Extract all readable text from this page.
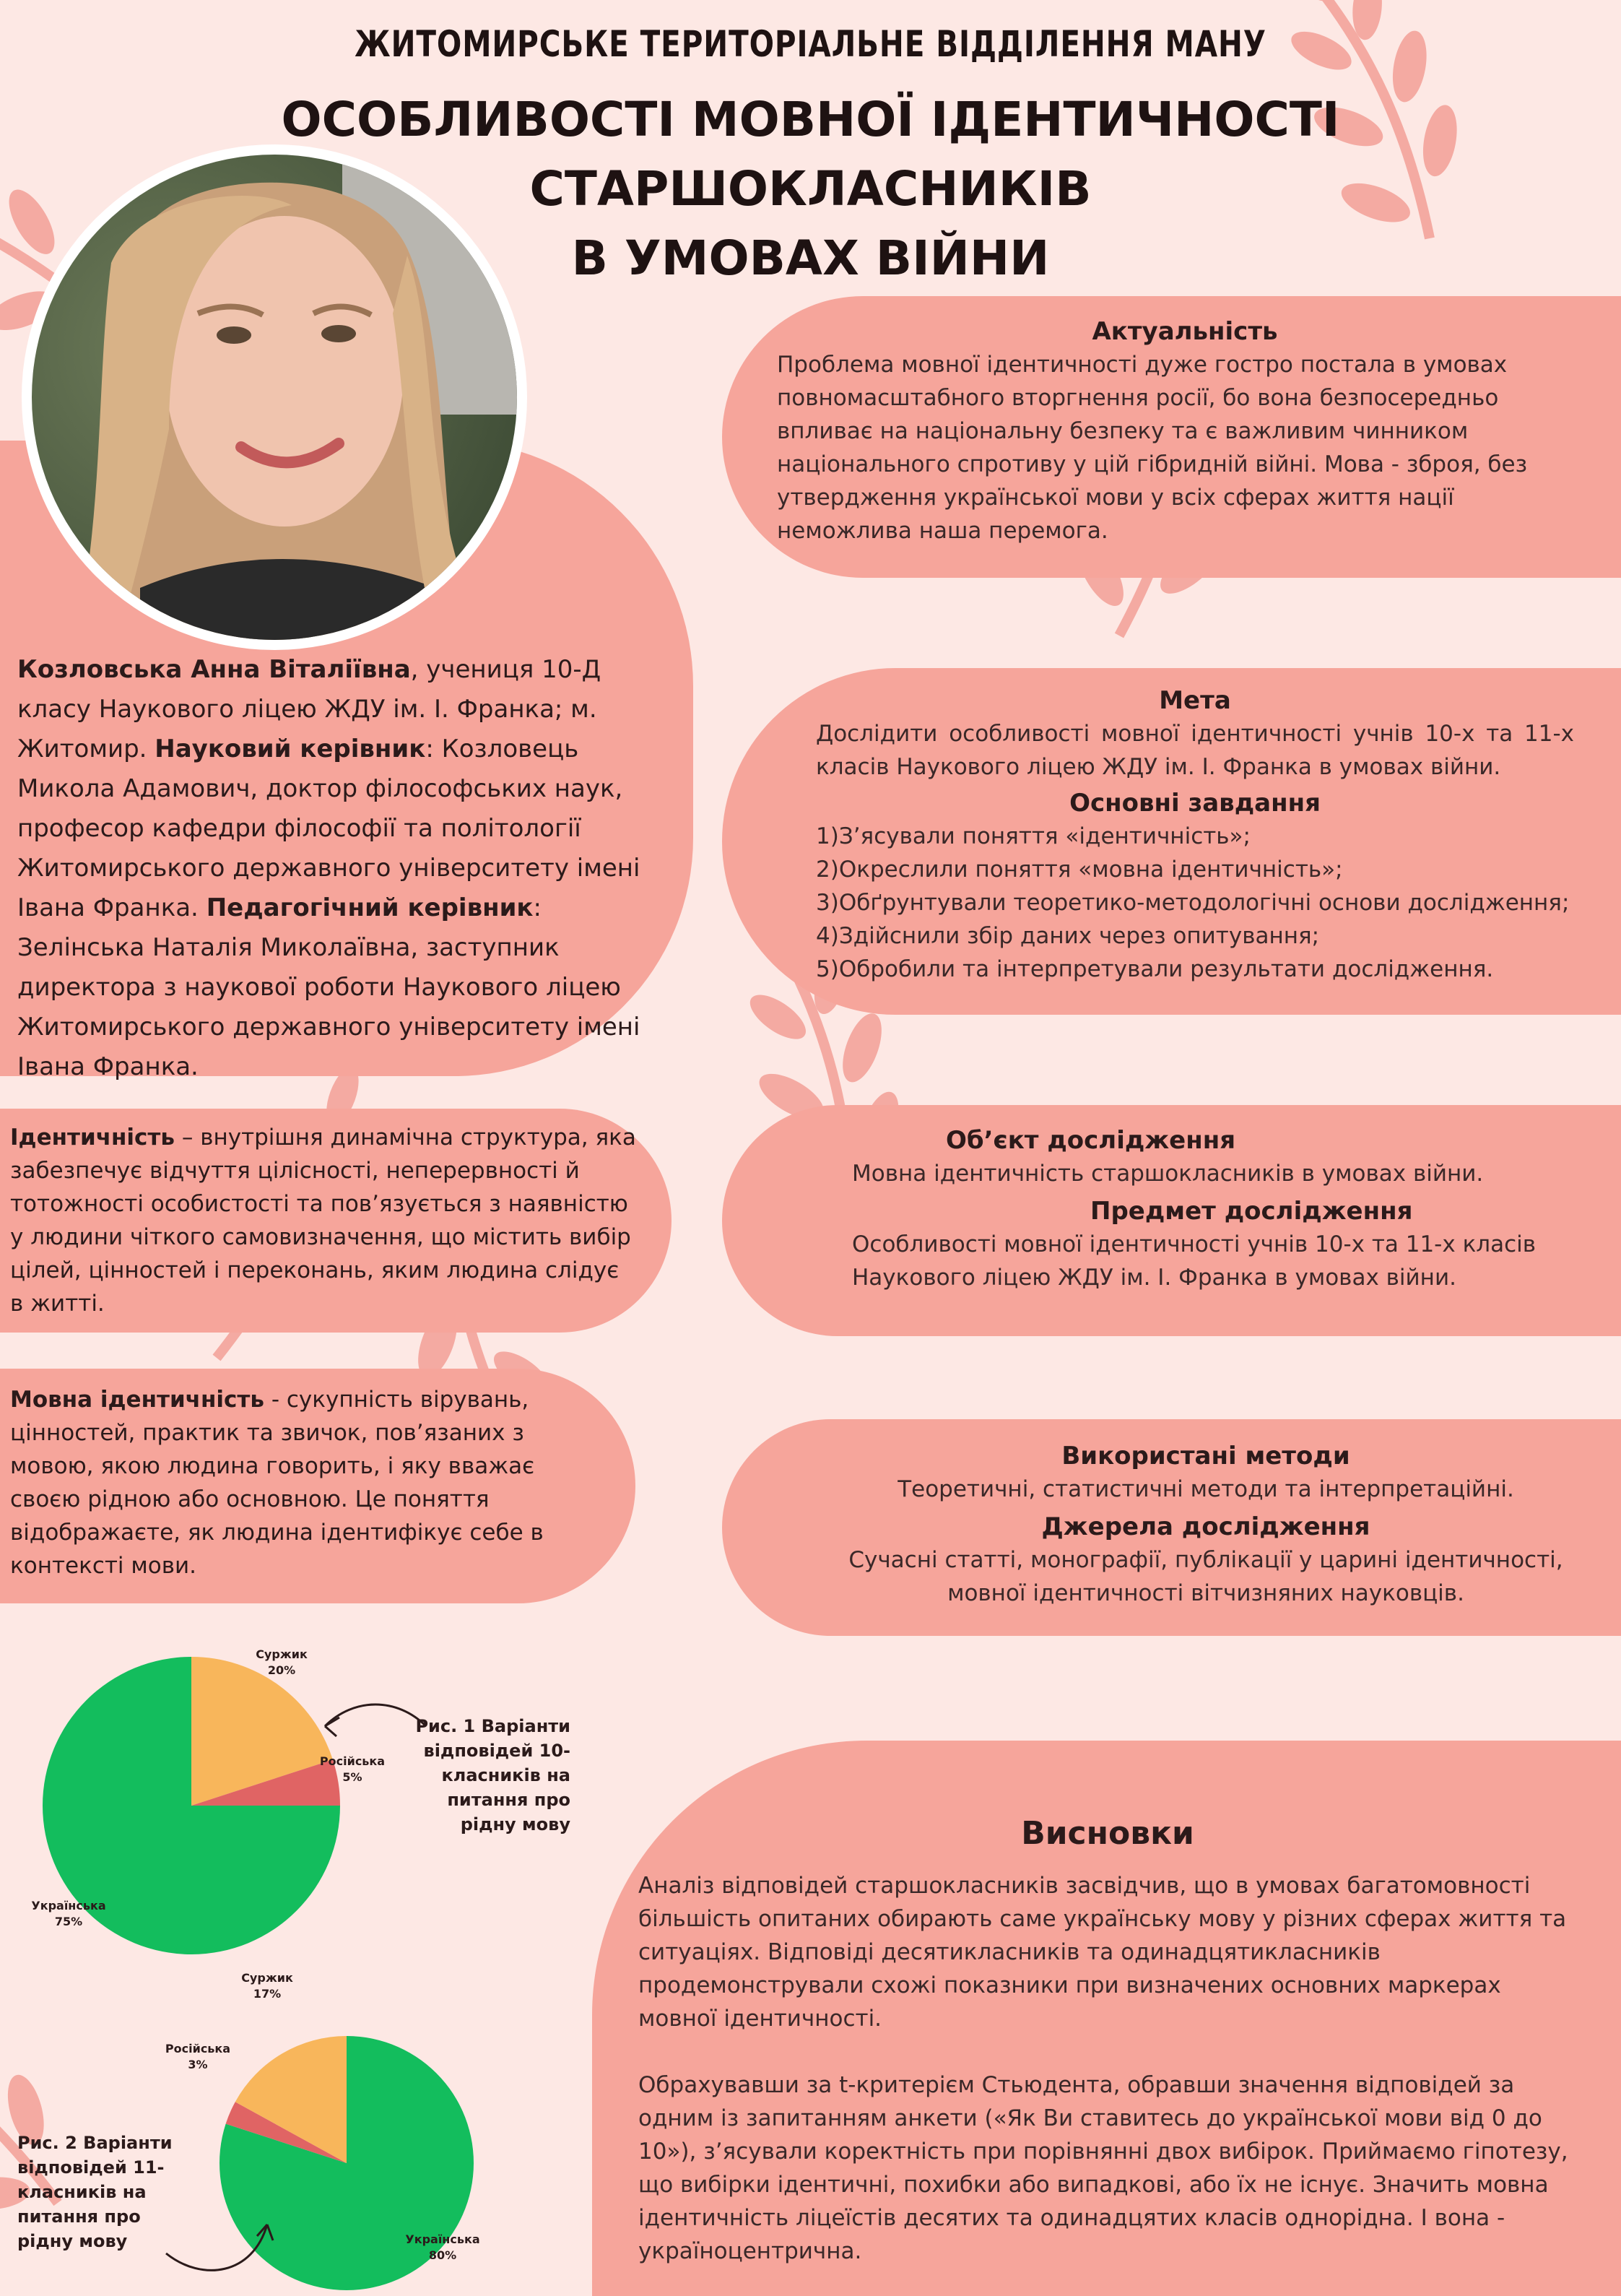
ЖИТОМИРСЬКЕ ТЕРИТОРІАЛЬНЕ ВІДДІЛЕННЯ МАНУ
ОСОБЛИВОСТІ МОВНОЇ ІДЕНТИЧНОСТІ СТАРШОКЛАСНИКІВ
В УМОВАХ ВІЙНИ
Козловська Анна Віталіївна, учениця 10-Д класу Наукового ліцею ЖДУ ім. І. Франка; м. Житомир. Науковий керівник: Козловець Микола Адамович, доктор філософських наук, професор кафедри філософії та політології Житомирського державного університету імені Івана Франка. Педагогічний керівник: Зелінська Наталія Миколаївна, заступник директора з наукової роботи Наукового ліцею Житомирського державного університету імені Івана Франка.

Актуальність

Проблема мовної ідентичності дуже гостро постала в умовах повномасштабного вторгнення росії, бо вона безпосередньо впливає на національну безпеку та є важливим чинником національного спротиву у цій гібридній війні. Мова - зброя, без утвердження української мови у всіх сферах життя нації неможлива наша перемога.

Мета

Дослідити особливості мовної ідентичності учнів 10-х та 11-х класів Наукового ліцею ЖДУ ім. І. Франка в умовах війни.

Основні завдання

1)З’ясували поняття «ідентичність»;

2)Окреслили поняття «мовна ідентичність»;

3)Обґрунтували теоретико-методологічні основи дослідження;

4)Здійснили збір даних через опитування;

5)Обробили та інтерпретували результати дослідження.

Ідентичність – внутрішня динамічна структура, яка забезпечує відчуття цілісності, неперервності й тотожності особистості та пов’язується з наявністю у людини чіткого самовизначення, що містить вибір цілей, цінностей і переконань, яким людина слідує в житті.

Об’єкт дослідження

Мовна ідентичність старшокласників в умовах війни.

Предмет дослідження

Особливості мовної ідентичності учнів 10-х та 11-х класів Наукового ліцею ЖДУ ім. І. Франка в умовах війни.

Мовна ідентичність - сукупність вірувань, цінностей, практик та звичок, пов’язаних з мовою, якою людина говорить, і яку вважає своєю рідною або основною. Це поняття відображаєте, як людина ідентифікує себе в контексті мови.

Використані методи

Теоретичні, статистичні методи та інтерпретаційні.

Джерела дослідження

Сучасні статті, монографії, публікації у царині ідентичності, мовної ідентичності вітчизняних науковців.

Висновки

Аналіз відповідей старшокласників засвідчив, що в умовах багатомовності більшість опитаних обирають саме українську мову у різних сферах життя та ситуаціях. Відповіді десятикласників та одинадцятикласників продемонстрували схожі показники при визначених основних маркерах мовної ідентичності.

Обрахувавши за t-критерієм Стьюдента, обравши значення відповідей за одним із запитанням анкети («Як Ви ставитесь до української мови від 0 до 10»), з’ясували коректність при порівнянні двох вибірок. Приймаємо гіпотезу, що вибірки ідентичні, похибки або випадкові, або їх не існує. Значить мовна ідентичність ліцеїстів десятих та одинадцятих класів однорідна. І вона - україноцентрична.

Суржик
20%
Російська
5%
Українська
75%
Рис. 1 Варіанти відповідей 10-класників на питання про рідну мову
Суржик
17%
Російська
3%
Українська
80%
Рис. 2 Варіанти відповідей 11-класників на питання про рідну мову
